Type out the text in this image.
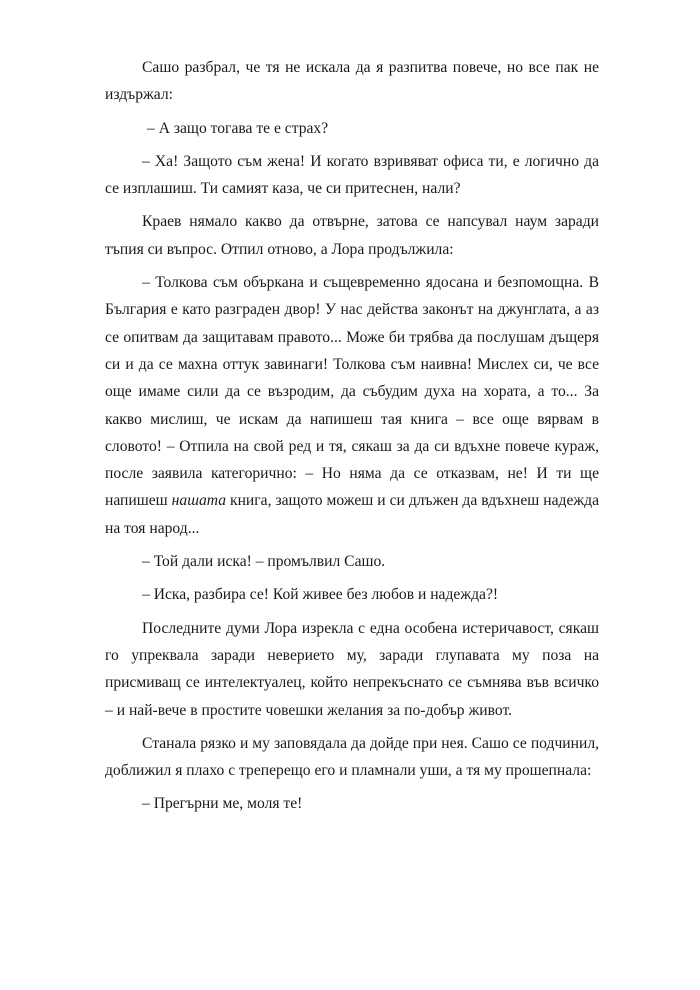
Сашо разбрал, че тя не искала да я разпитва повече, но все пак не издържал:

– А защо тогава те е страх?

– Ха! Защото съм жена! И когато взривяват офиса ти, е логично да се изплашиш. Ти самият каза, че си притеснен, нали?

Краев нямало какво да отвърне, затова се напсувал наум заради тъпия си въпрос. Отпил отново, а Лора продължила:

– Толкова съм объркана и същевременно ядосана и безпомощна. В България е като разграден двор! У нас действа законът на джунглата, а аз се опитвам да защитавам правото... Може би трябва да послушам дъщеря си и да се махна оттук завинаги! Толкова съм наивна! Мислех си, че все още имаме сили да се възродим, да събудим духа на хората, а то... За какво мислиш, че искам да напишеш тая книга – все още вярвам в словото! – Отпила на свой ред и тя, сякаш за да си вдъхне повече кураж, после заявила категорично: – Но няма да се отказвам, не! И ти ще напишеш нашата книга, защото можеш и си длъжен да вдъхнеш надежда на тоя народ...

– Той дали иска! – промълвил Сашо.

– Иска, разбира се! Кой живее без любов и надежда?!

Последните думи Лора изрекла с една особена истеричавост, сякаш го упреквала заради неверието му, заради глупавата му поза на присмиващ се интелектуалец, който непрекъснато се съмнява във всичко – и най-вече в простите човешки желания за по-добър живот.

Станала рязко и му заповядала да дойде при нея. Сашо се подчинил, доближил я плахо с треперещо его и пламнали уши, а тя му прошепнала:

– Прегърни ме, моля те!
